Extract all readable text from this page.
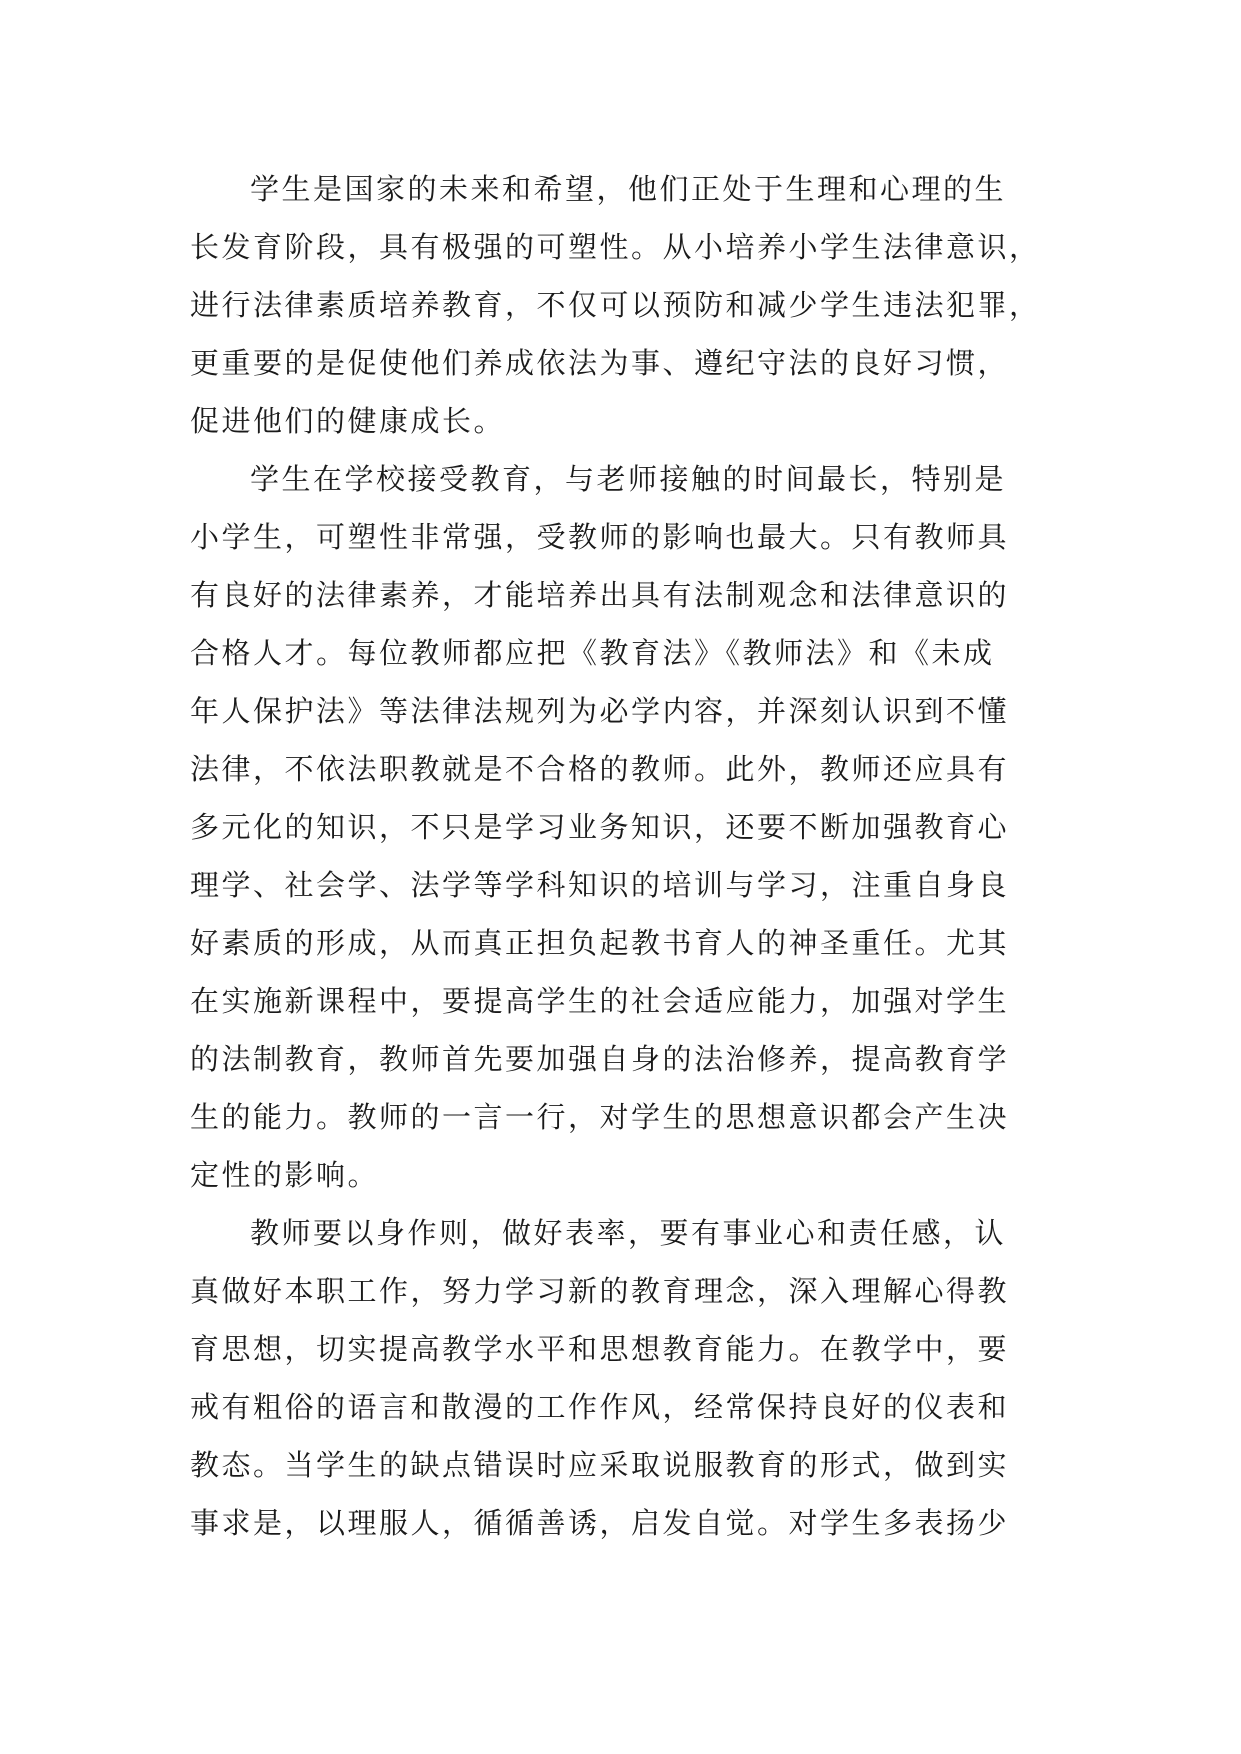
学生是国家的未来和希望，他们正处于生理和心理的生
长发育阶段，具有极强的可塑性。从小培养小学生法律意识，
进行法律素质培养教育，不仅可以预防和减少学生违法犯罪，
更重要的是促使他们养成依法为事、遵纪守法的良好习惯，
促进他们的健康成长。
学生在学校接受教育，与老师接触的时间最长，特别是
小学生，可塑性非常强，受教师的影响也最大。只有教师具
有良好的法律素养，才能培养出具有法制观念和法律意识的
合格人才。每位教师都应把《教育法》《教师法》和《未成
年人保护法》等法律法规列为必学内容，并深刻认识到不懂
法律，不依法职教就是不合格的教师。此外，教师还应具有
多元化的知识，不只是学习业务知识，还要不断加强教育心
理学、社会学、法学等学科知识的培训与学习，注重自身良
好素质的形成，从而真正担负起教书育人的神圣重任。尤其
在实施新课程中，要提高学生的社会适应能力，加强对学生
的法制教育，教师首先要加强自身的法治修养，提高教育学
生的能力。教师的一言一行，对学生的思想意识都会产生决
定性的影响。
教师要以身作则，做好表率，要有事业心和责任感，认
真做好本职工作，努力学习新的教育理念，深入理解心得教
育思想，切实提高教学水平和思想教育能力。在教学中，要
戒有粗俗的语言和散漫的工作作风，经常保持良好的仪表和
教态。当学生的缺点错误时应采取说服教育的形式，做到实
事求是，以理服人，循循善诱，启发自觉。对学生多表扬少
